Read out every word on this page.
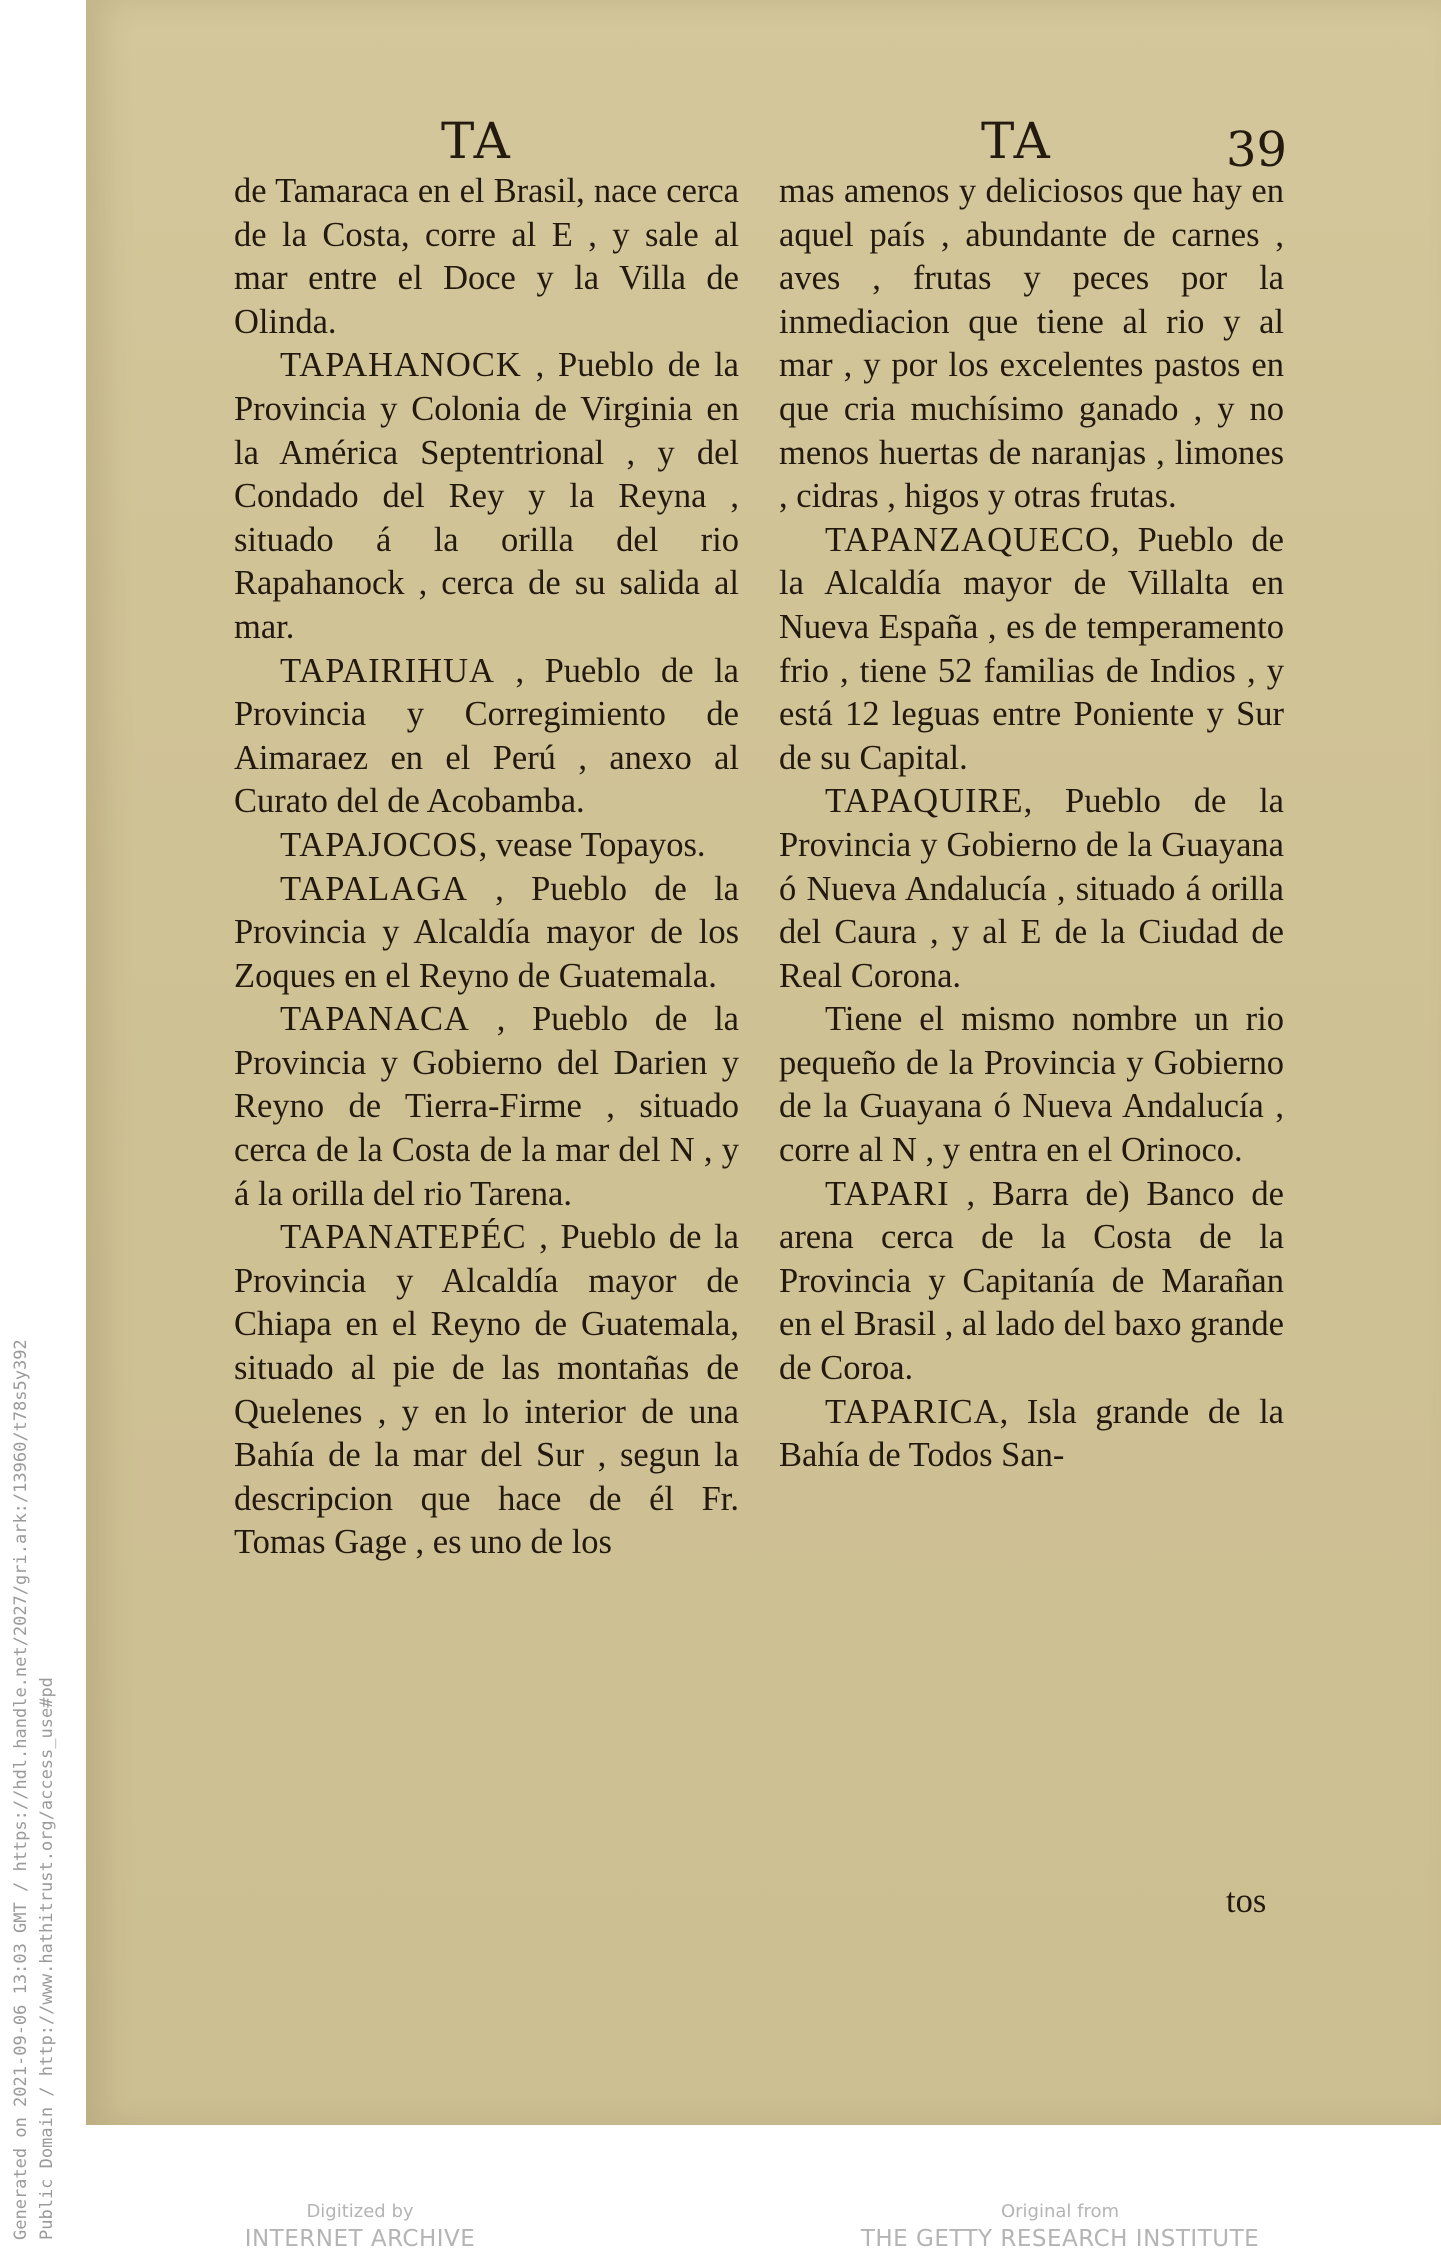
TA	TA	39

de Tamaraca en el Brasil, nace cerca de la Costa, corre al E , y sale al mar entre el Doce y la Villa de Olinda.

TAPAHANOCK , Pueblo de la Provincia y Colonia de Virginia en la América Septentrional , y del Condado del Rey y la Reyna , situado á la orilla del rio Rapahanock , cerca de su salida al mar.

TAPAIRIHUA , Pueblo de la Provincia y Corregimiento de Aimaraez en el Perú , anexo al Curato del de Acobamba.

TAPAJOCOS, vease Topayos.

TAPALAGA , Pueblo de la Provincia y Alcaldía mayor de los Zoques en el Reyno de Guatemala.

TAPANACA , Pueblo de la Provincia y Gobierno del Darien y Reyno de Tierra-Firme , situado cerca de la Costa de la mar del N , y á la orilla del rio Tarena.

TAPANATEPÉC , Pueblo de la Provincia y Alcaldía mayor de Chiapa en el Reyno de Guatemala, situado al pie de las montañas de Quelenes , y en lo interior de una Bahía de la mar del Sur , segun la descripcion que hace de él Fr. Tomas Gage , es uno de los

mas amenos y deliciosos que hay en aquel país , abundante de carnes , aves , frutas y peces por la inmediacion que tiene al rio y al mar , y por los excelentes pastos en que cria muchísimo ganado , y no menos huertas de naranjas , limones , cidras , higos y otras frutas.

TAPANZAQUECO, Pueblo de la Alcaldía mayor de Villalta en Nueva España , es de temperamento frio , tiene 52 familias de Indios , y está 12 leguas entre Poniente y Sur de su Capital.

TAPAQUIRE, Pueblo de la Provincia y Gobierno de la Guayana ó Nueva Andalucía , situado á orilla del Caura , y al E de la Ciudad de Real Corona.

Tiene el mismo nombre un rio pequeño de la Provincia y Gobierno de la Guayana ó Nueva Andalucía , corre al N , y entra en el Orinoco.

TAPARI , Barra de) Banco de arena cerca de la Costa de la Provincia y Capitanía de Marañan en el Brasil , al lado del baxo grande de Coroa.

TAPARICA, Isla grande de la Bahía de Todos San-

tos

Generated on 2021-09-06 13:03 GMT / https://hdl.handle.net/2027/gri.ark:/13960/t78s5y392 Public Domain / http://www.hathitrust.org/access_use#pd	Digitized by
INTERNET ARCHIVE
Original from
THE GETTY RESEARCH INSTITUTE
